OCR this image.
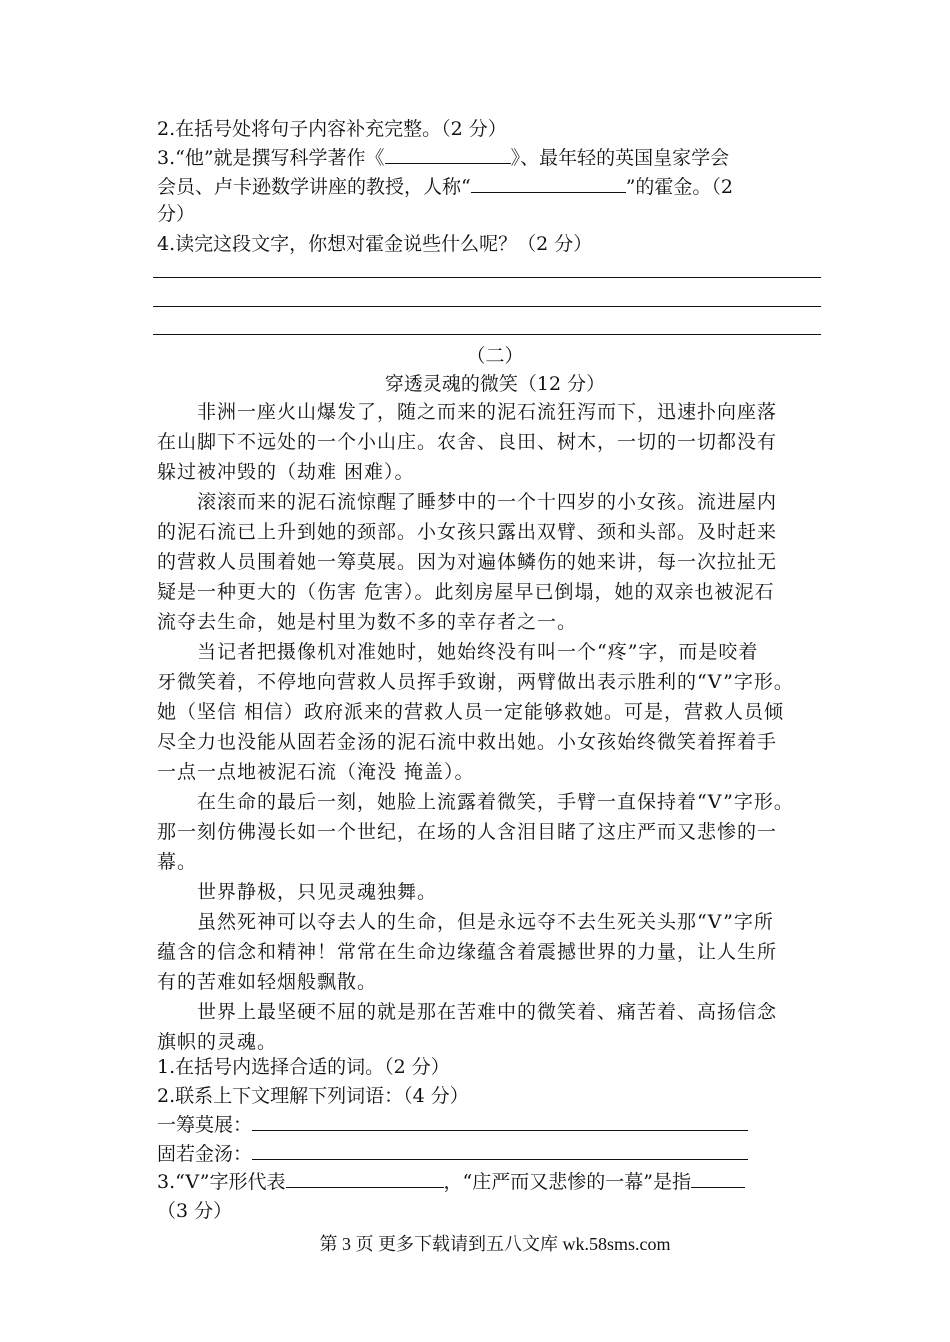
2.在括号处将句子内容补充完整。（2 分）
3.“他”就是撰写科学著作《	》、最年轻的英国皇家学会
会员、卢卡逊数学讲座的教授，人称“	”的霍金。（2
分）
4.读完这段文字，你想对霍金说些什么呢？（2 分）
（二）
穿透灵魂的微笑（12 分）
　　非洲一座火山爆发了，随之而来的泥石流狂泻而下，迅速扑向座落
在山脚下不远处的一个小山庄。农舍、良田、树木，一切的一切都没有
躲过被冲毁的（劫难 困难）。
　　滚滚而来的泥石流惊醒了睡梦中的一个十四岁的小女孩。流进屋内
的泥石流已上升到她的颈部。小女孩只露出双臂、颈和头部。及时赶来
的营救人员围着她一筹莫展。因为对遍体鳞伤的她来讲，每一次拉扯无
疑是一种更大的（伤害 危害）。此刻房屋早已倒塌，她的双亲也被泥石
流夺去生命，她是村里为数不多的幸存者之一。
　　当记者把摄像机对准她时，她始终没有叫一个“疼”字，而是咬着
牙微笑着，不停地向营救人员挥手致谢，两臂做出表示胜利的“V”字形。
她（坚信 相信）政府派来的营救人员一定能够救她。可是，营救人员倾
尽全力也没能从固若金汤的泥石流中救出她。小女孩始终微笑着挥着手
一点一点地被泥石流（淹没 掩盖）。
　　在生命的最后一刻，她脸上流露着微笑，手臂一直保持着“V”字形。
那一刻仿佛漫长如一个世纪，在场的人含泪目睹了这庄严而又悲惨的一
幕。
　　世界静极，只见灵魂独舞。
　　虽然死神可以夺去人的生命，但是永远夺不去生死关头那“V”字所
蕴含的信念和精神！常常在生命边缘蕴含着震撼世界的力量，让人生所
有的苦难如轻烟般飘散。
　　世界上最坚硬不屈的就是那在苦难中的微笑着、痛苦着、高扬信念
旗帜的灵魂。
1.在括号内选择合适的词。（2 分）
2.联系上下文理解下列词语：（4 分）
一筹莫展：
固若金汤：
3.“V”字形代表	，“庄严而又悲惨的一幕”是指
（3 分）
第 3 页 更多下载请到五八文库 wk.58sms.com
